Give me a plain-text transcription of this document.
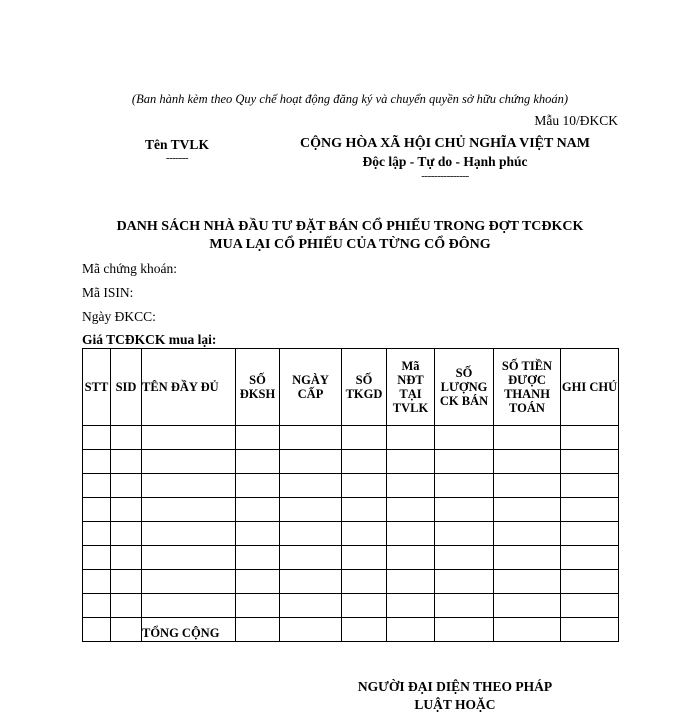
(Ban hành kèm theo Quy chế hoạt động đăng ký và chuyển quyền sở hữu chứng khoán)
Mẫu 10/ĐKCK
Tên TVLK
-------
CỘNG HÒA XÃ HỘI CHỦ NGHĨA VIỆT NAM
Độc lập - Tự do - Hạnh phúc
---------------
DANH SÁCH NHÀ ĐẦU TƯ ĐẶT BÁN CỔ PHIẾU TRONG ĐỢT TCĐKCK
MUA LẠI CỔ PHIẾU CỦA TỪNG CỔ ĐÔNG
Mã chứng khoán:
Mã ISIN:
Ngày ĐKCC:
Giá TCĐKCK mua lại:
STT	SID	TÊN ĐẦY ĐỦ	SỐ ĐKSH	NGÀY CẤP	SỐ TKGD	Mã NĐT TẠI TVLK	SỐ LƯỢNG CK BÁN	SỐ TIỀN ĐƯỢC THANH TOÁN	GHI CHÚ

		TỔNG CỘNG							
NGƯỜI ĐẠI DIỆN THEO PHÁP
LUẬT HOẶC
